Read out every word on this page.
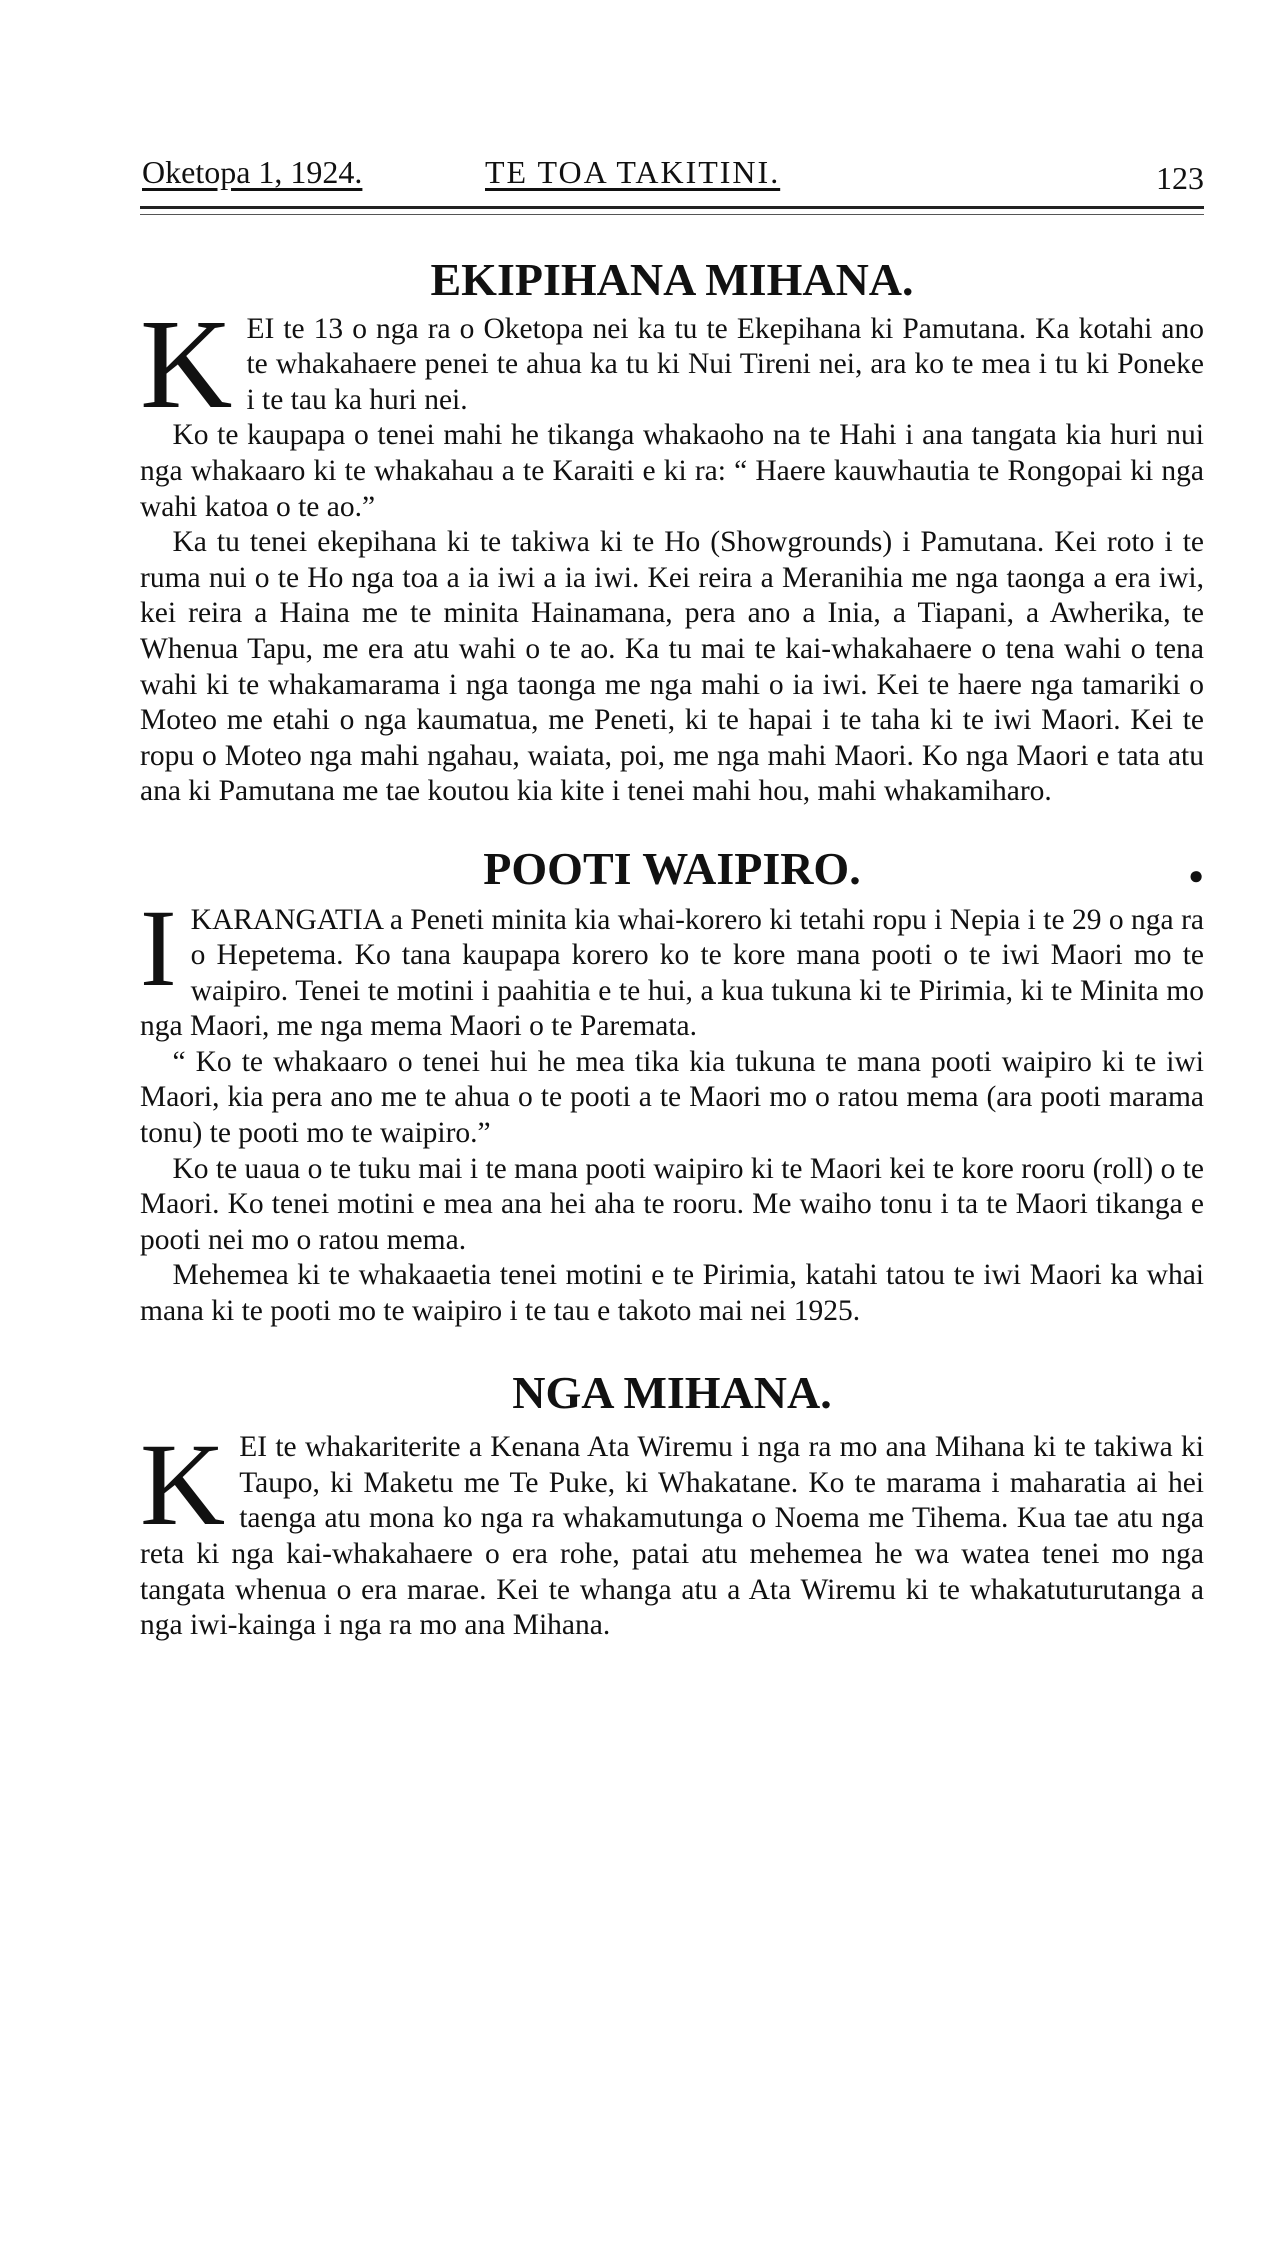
Oketopa 1, 1924.	TE TOA TAKITINI.	123
EKIPIHANA MIHANA.

KEI te 13 o nga ra o Oketopa nei ka tu te Ekepihana ki Pamutana. Ka kotahi ano te whakahaere penei te ahua ka tu ki Nui Tireni nei, ara ko te mea i tu ki Poneke i te tau ka huri nei.

Ko te kaupapa o tenei mahi he tikanga whakaoho na te Hahi i ana tangata kia huri nui nga whakaaro ki te whakahau a te Karaiti e ki ra: “ Haere kauwhautia te Rongopai ki nga wahi katoa o te ao.”

Ka tu tenei ekepihana ki te takiwa ki te Ho (Showgrounds) i Pamutana. Kei roto i te ruma nui o te Ho nga toa a ia iwi a ia iwi. Kei reira a Meranihia me nga taonga a era iwi, kei reira a Haina me te minita Hainamana, pera ano a Inia, a Tiapani, a Awherika, te Whenua Tapu, me era atu wahi o te ao. Ka tu mai te kai-whakahaere o tena wahi o tena wahi ki te whakamarama i nga taonga me nga mahi o ia iwi. Kei te haere nga tamariki o Moteo me etahi o nga kaumatua, me Peneti, ki te hapai i te taha ki te iwi Maori. Kei te ropu o Moteo nga mahi ngahau, waiata, poi, me nga mahi Maori. Ko nga Maori e tata atu ana ki Pamutana me tae koutou kia kite i tenei mahi hou, mahi whakamiharo.

POOTI WAIPIRO.	●

IKARANGATIA a Peneti minita kia whai-korero ki tetahi ropu i Nepia i te 29 o nga ra o Hepetema. Ko tana kaupapa korero ko te kore mana pooti o te iwi Maori mo te waipiro. Tenei te motini i paahitia e te hui, a kua tukuna ki te Pirimia, ki te Minita mo nga Maori, me nga mema Maori o te Paremata.

“ Ko te whakaaro o tenei hui he mea tika kia tukuna te mana pooti waipiro ki te iwi Maori, kia pera ano me te ahua o te pooti a te Maori mo o ratou mema (ara pooti marama tonu) te pooti mo te waipiro.”

Ko te uaua o te tuku mai i te mana pooti waipiro ki te Maori kei te kore rooru (roll) o te Maori. Ko tenei motini e mea ana hei aha te rooru. Me waiho tonu i ta te Maori tikanga e pooti nei mo o ratou mema.

Mehemea ki te whakaaetia tenei motini e te Pirimia, katahi tatou te iwi Maori ka whai mana ki te pooti mo te waipiro i te tau e takoto mai nei 1925.

NGA MIHANA.

KEI te whakariterite a Kenana Ata Wiremu i nga ra mo ana Mihana ki te takiwa ki Taupo, ki Maketu me Te Puke, ki Whakatane. Ko te marama i maharatia ai hei taenga atu mona ko nga ra whakamutunga o Noema me Tihema. Kua tae atu nga reta ki nga kai-whakahaere o era rohe, patai atu mehemea he wa watea tenei mo nga tangata whenua o era marae. Kei te whanga atu a Ata Wiremu ki te whakatuturutanga a nga iwi-kainga i nga ra mo ana Mihana.
